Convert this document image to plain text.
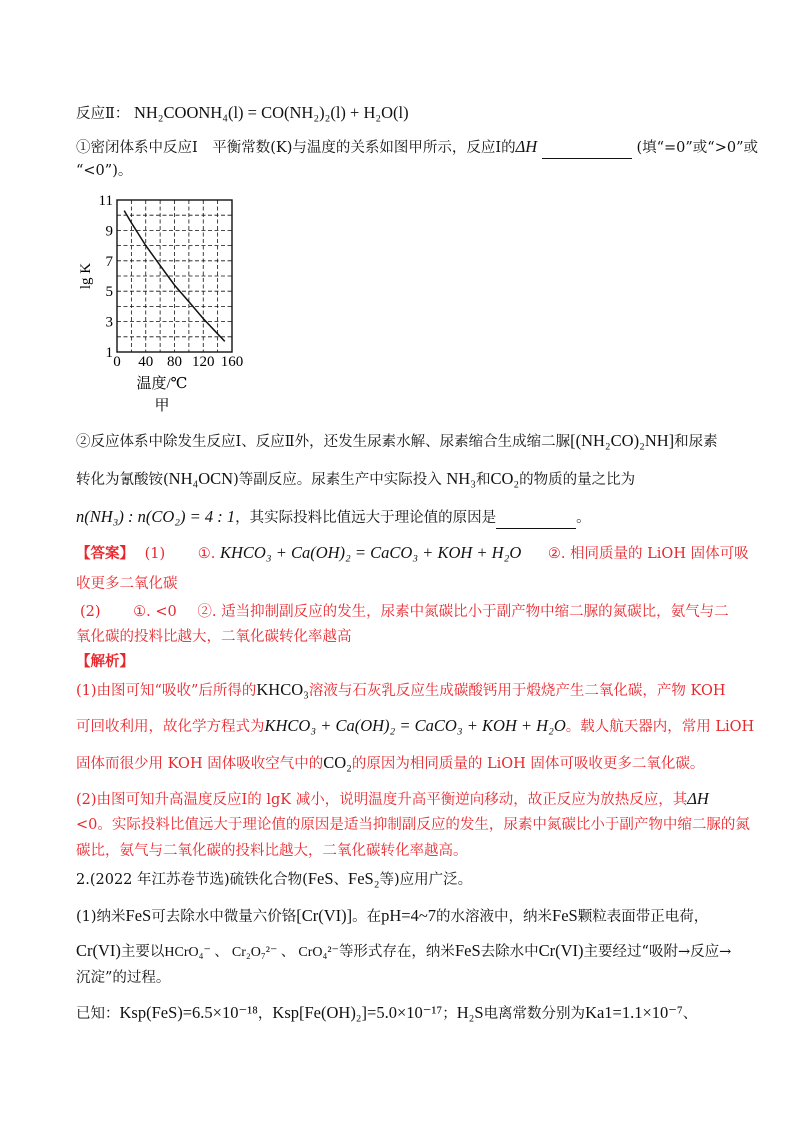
反应Ⅱ： NH₂COONH₄(l) = CO(NH₂)₂(l) + H₂O(l)
①密闭体系中反应Ⅰ　平衡常数(K)与温度的关系如图甲所示，反应Ⅰ的ΔH	(填“=0”或“>0”或
“<0”)。
1
3
5
7
9
11
0 40 80 120 160
lg K
温度/℃
甲
②反应体系中除发生反应Ⅰ、反应Ⅱ外，还发生尿素水解、尿素缩合生成缩二脲[(NH₂CO)₂NH]和尿素
转化为氰酸铵(NH₄OCN)等副反应。尿素生产中实际投入 NH₃和CO₂的物质的量之比为
n(NH₃) : n(CO₂) = 4 : 1，其实际投料比值远大于理论值的原因是	。
【答案】 (1) ①. KHCO₃ + Ca(OH)₂ = CaCO₃ + KOH + H₂O ②. 相同质量的 LiOH 固体可吸
收更多二氧化碳
(2) ①. <0 ②. 适当抑制副反应的发生，尿素中氮碳比小于副产物中缩二脲的氮碳比，氨气与二
氧化碳的投料比越大，二氧化碳转化率越高
【解析】
(1)由图可知“吸收”后所得的KHCO₃溶液与石灰乳反应生成碳酸钙用于煅烧产生二氧化碳，产物 KOH
可回收利用，故化学方程式为KHCO₃ + Ca(OH)₂ = CaCO₃ + KOH + H₂O。载人航天器内，常用 LiOH
固体而很少用 KOH 固体吸收空气中的CO₂的原因为相同质量的 LiOH 固体可吸收更多二氧化碳。
(2)由图可知升高温度反应Ⅰ的 lgK 减小，说明温度升高平衡逆向移动，故正反应为放热反应，其ΔH
<0。实际投料比值远大于理论值的原因是适当抑制副反应的发生，尿素中氮碳比小于副产物中缩二脲的氮
碳比，氨气与二氧化碳的投料比越大，二氧化碳转化率越高。
2.(2022 年江苏卷节选)硫铁化合物(FeS、FeS₂等)应用广泛。
(1)纳米FeS可去除水中微量六价铬[Cr(VI)]。在pH=4~7的水溶液中，纳米FeS颗粒表面带正电荷，
Cr(VI)主要以HCrO₄⁻ 、 Cr₂O₇²⁻ 、 CrO₄²⁻等形式存在，纳米FeS去除水中Cr(VI)主要经过“吸附→反应→
沉淀”的过程。
已知：Ksp(FeS)=6.5×10⁻¹⁸，Ksp[Fe(OH)₂]=5.0×10⁻¹⁷；H₂S电离常数分别为Ka1=1.1×10⁻⁷、
